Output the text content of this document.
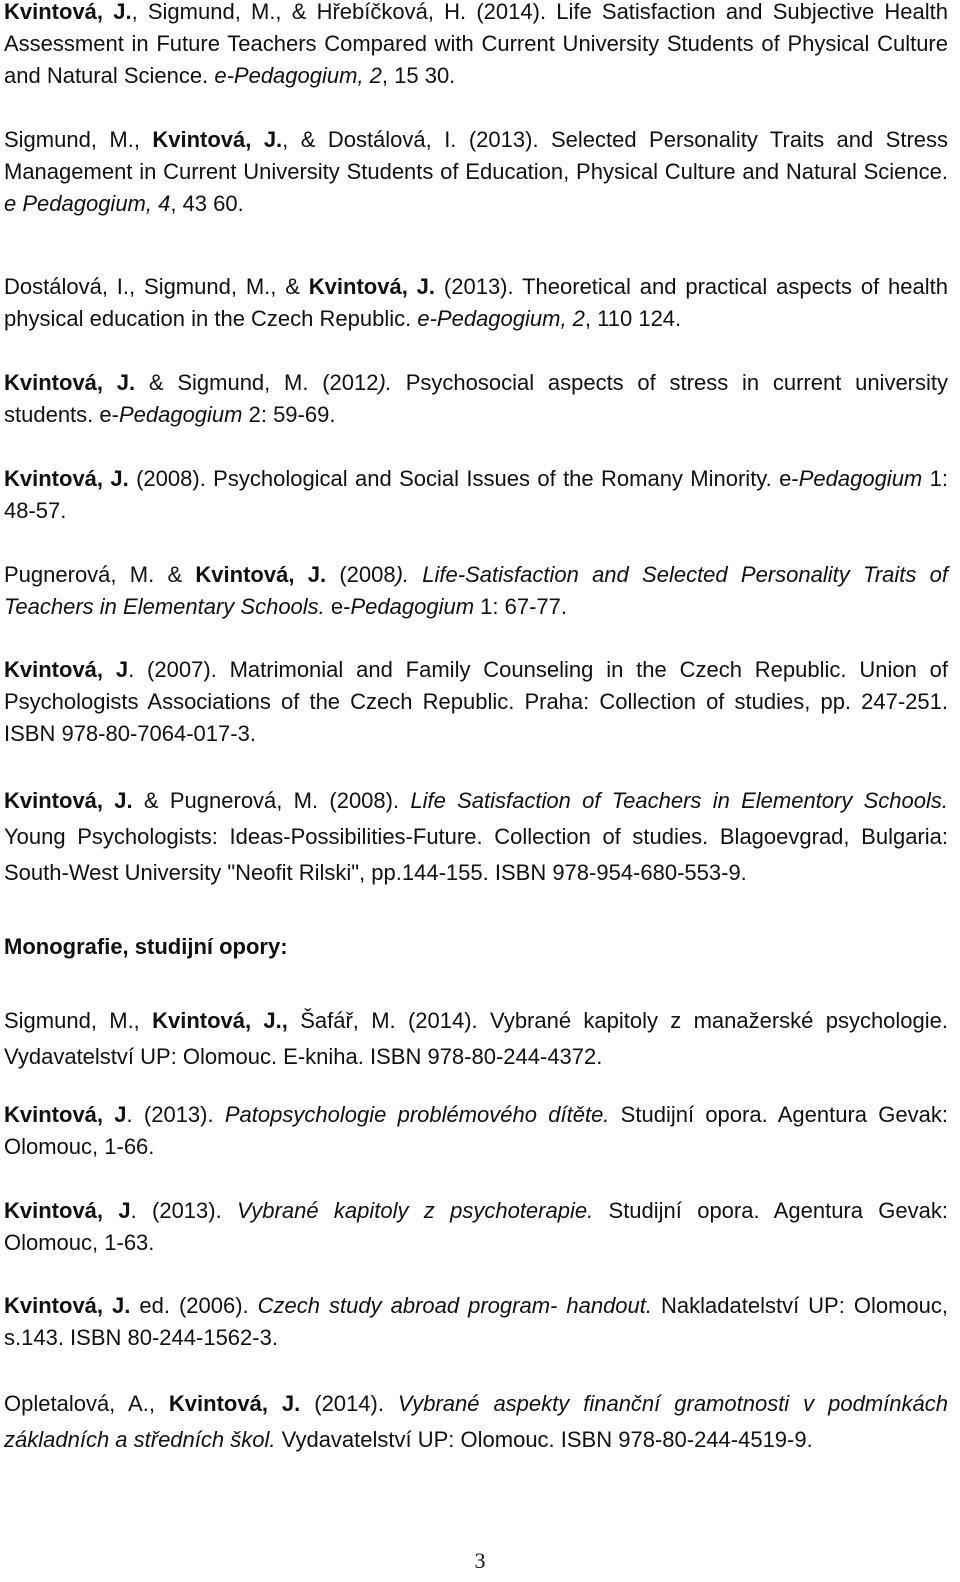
Kvintová, J., Sigmund, M., & Hřebíčková, H. (2014). Life Satisfaction and Subjective Health Assessment in Future Teachers Compared with Current University Students of Physical Culture and Natural Science. e-Pedagogium, 2, 15 30.

Sigmund, M., Kvintová, J., & Dostálová, I. (2013). Selected Personality Traits and Stress Management in Current University Students of Education, Physical Culture and Natural Science. e Pedagogium, 4, 43 60.

Dostálová, I., Sigmund, M., & Kvintová, J. (2013). Theoretical and practical aspects of health physical education in the Czech Republic. e-Pedagogium, 2, 110 124.

Kvintová, J. & Sigmund, M. (2012). Psychosocial aspects of stress in current university students. e-Pedagogium 2: 59-69.

Kvintová, J. (2008). Psychological and Social Issues of the Romany Minority. e-Pedagogium 1: 48-57.

Pugnerová, M. & Kvintová, J. (2008). Life-Satisfaction and Selected Personality Traits of Teachers in Elementary Schools. e-Pedagogium 1: 67-77.

Kvintová, J. (2007). Matrimonial and Family Counseling in the Czech Republic. Union of Psychologists Associations of the Czech Republic. Praha: Collection of studies, pp. 247-251. ISBN 978-80-7064-017-3.

Kvintová, J. & Pugnerová, M. (2008). Life Satisfaction of Teachers in Elementory Schools. Young Psychologists: Ideas-Possibilities-Future. Collection of studies. Blagoevgrad, Bulgaria: South-West University "Neofit Rilski", pp.144-155. ISBN 978-954-680-553-9.

Monografie, studijní opory:

Sigmund, M., Kvintová, J., Šafář, M. (2014). Vybrané kapitoly z manažerské psychologie. Vydavatelství UP: Olomouc. E-kniha. ISBN 978-80-244-4372.

Kvintová, J. (2013). Patopsychologie problémového dítěte. Studijní opora. Agentura Gevak: Olomouc, 1-66.

Kvintová, J. (2013). Vybrané kapitoly z psychoterapie. Studijní opora. Agentura Gevak: Olomouc, 1-63.

Kvintová, J. ed. (2006). Czech study abroad program- handout. Nakladatelství UP: Olomouc, s.143. ISBN 80-244-1562-3.

Opletalová, A., Kvintová, J. (2014). Vybrané aspekty finanční gramotnosti v podmínkách základních a středních škol. Vydavatelství UP: Olomouc. ISBN 978-80-244-4519-9.

3
